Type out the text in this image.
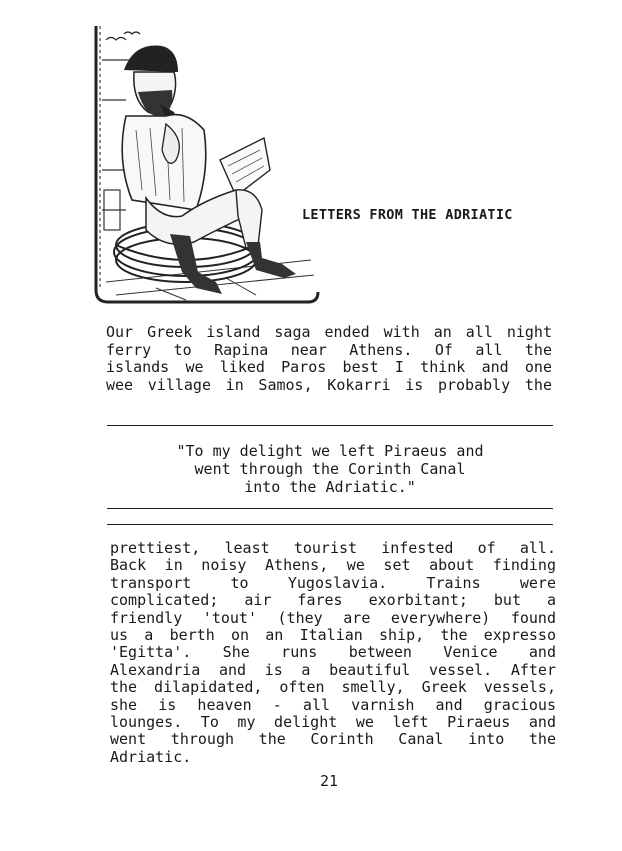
LETTERS FROM THE ADRIATIC
Our Greek island saga ended with an all night
ferry to Rapina near Athens. Of all the
islands we liked Paros best I think and one
wee village in Samos, Kokarri is probably the
"To my delight we left Piraeus and
went through the Corinth Canal
into the Adriatic."
prettiest, least tourist infested of all.
Back in noisy Athens, we set about finding
transport to Yugoslavia. Trains were
complicated; air fares exorbitant; but a
friendly 'tout' (they are everywhere) found
us a berth on an Italian ship, the expresso
'Egitta'. She runs between Venice and
Alexandria and is a beautiful vessel. After
the dilapidated, often smelly, Greek vessels,
she is heaven - all varnish and gracious
lounges. To my delight we left Piraeus and
went through the Corinth Canal into the
Adriatic.
21
